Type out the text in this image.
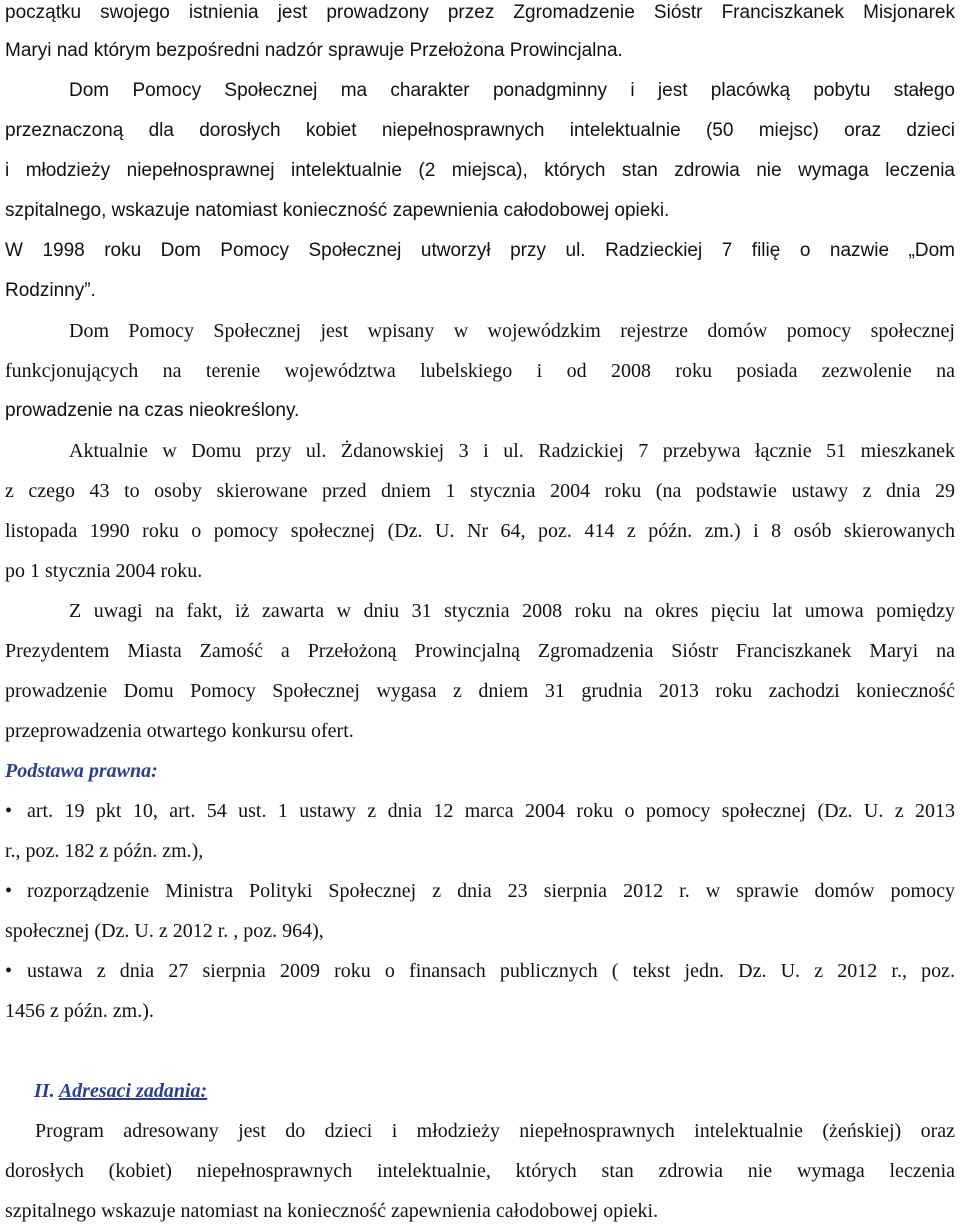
początku swojego istnienia jest prowadzony przez Zgromadzenie Sióstr Franciszkanek Misjonarek
Maryi nad którym bezpośredni nadzór sprawuje Przełożona Prowincjalna.
Dom Pomocy Społecznej ma charakter ponadgminny i jest placówką pobytu stałego
przeznaczoną dla dorosłych kobiet niepełnosprawnych intelektualnie (50 miejsc) oraz dzieci
i młodzieży niepełnosprawnej intelektualnie (2 miejsca), których stan zdrowia nie wymaga leczenia
szpitalnego, wskazuje natomiast konieczność zapewnienia całodobowej opieki.
W 1998 roku Dom Pomocy Społecznej utworzył przy ul. Radzieckiej 7 filię o nazwie „Dom
Rodzinny”.
Dom Pomocy Społecznej jest wpisany w wojewódzkim rejestrze domów pomocy społecznej
funkcjonujących na terenie województwa lubelskiego i od 2008 roku posiada zezwolenie na
prowadzenie na czas nieokreślony.
Aktualnie w Domu przy ul. Żdanowskiej 3 i ul. Radzickiej 7 przebywa łącznie 51 mieszkanek
z czego 43 to osoby skierowane przed dniem 1 stycznia 2004 roku (na podstawie ustawy z dnia 29
listopada 1990 roku o pomocy społecznej (Dz. U. Nr 64, poz. 414 z późn. zm.) i 8 osób skierowanych
po 1 stycznia 2004 roku.
Z uwagi na fakt, iż zawarta w dniu 31 stycznia 2008 roku na okres pięciu lat umowa pomiędzy
Prezydentem Miasta Zamość a Przełożoną Prowincjalną Zgromadzenia Sióstr Franciszkanek Maryi na
prowadzenie Domu Pomocy Społecznej wygasa z dniem 31 grudnia 2013 roku zachodzi konieczność
przeprowadzenia otwartego konkursu ofert.
Podstawa prawna:
• art. 19 pkt 10, art. 54 ust. 1 ustawy z dnia 12 marca 2004 roku o pomocy społecznej (Dz. U. z 2013
r., poz. 182 z późn. zm.),
• rozporządzenie Ministra Polityki Społecznej z dnia 23 sierpnia 2012 r. w sprawie domów pomocy
społecznej (Dz. U. z 2012 r. , poz. 964),
• ustawa z dnia 27 sierpnia 2009 roku o finansach publicznych ( tekst jedn. Dz. U. z 2012 r., poz.
1456 z późn. zm.).
II. Adresaci zadania:
Program adresowany jest do dzieci i młodzieży niepełnosprawnych intelektualnie (żeńskiej) oraz
dorosłych (kobiet) niepełnosprawnych intelektualnie, których stan zdrowia nie wymaga leczenia
szpitalnego wskazuje natomiast na konieczność zapewnienia całodobowej opieki.
